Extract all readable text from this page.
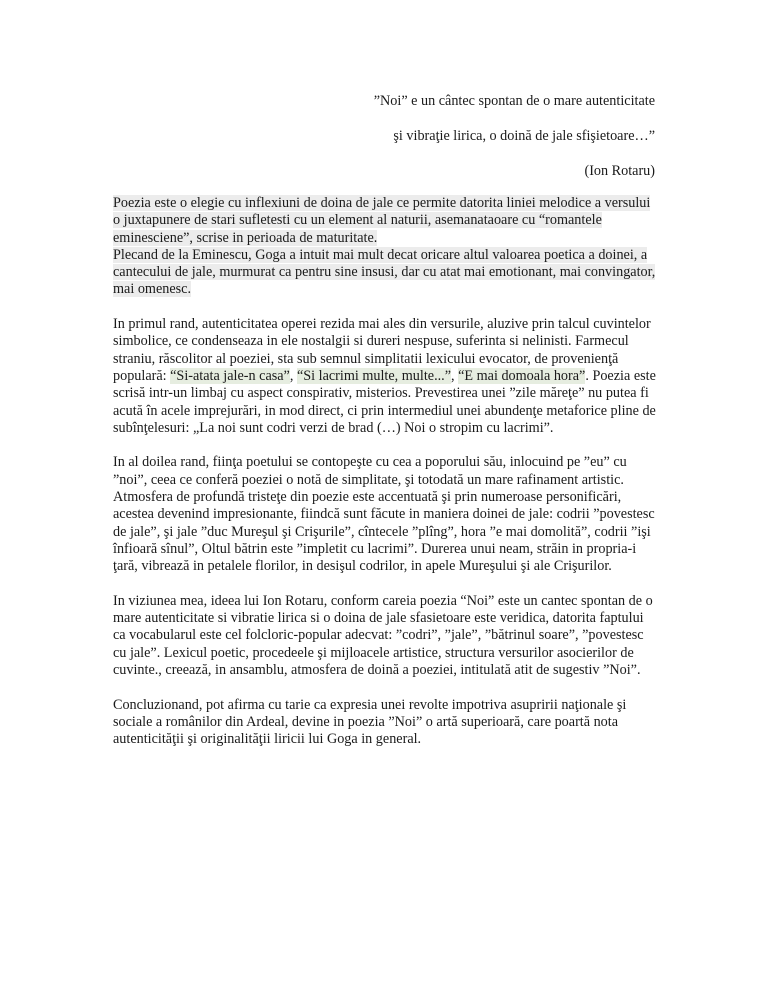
”Noi” e un cântec spontan de o mare autenticitate
şi vibraţie lirica, o doină de jale sfişietoare…”
(Ion Rotaru)

Poezia este o elegie cu inflexiuni de doina de jale ce permite datorita liniei melodice a versului o juxtapunere de stari sufletesti cu un element al naturii, asemanataoare cu “romantele eminesciene”, scrise in perioada de maturitate.

Plecand de la Eminescu, Goga a intuit mai mult decat oricare altul valoarea poetica a doinei, a cantecului de jale, murmurat ca pentru sine insusi, dar cu atat mai emotionant, mai convingator, mai omenesc.

In primul rand, autenticitatea operei rezida mai ales din versurile, aluzive prin talcul cuvintelor simbolice, ce condenseaza in ele nostalgii si dureri nespuse, suferinta si nelinisti. Farmecul straniu, răscolitor al poeziei, sta sub semnul simplitatii lexicului evocator, de provenienţă populară: “Si-atata jale-n casa”, “Si lacrimi multe, multe...”, “E mai domoala hora”. Poezia este scrisă intr-un limbaj cu aspect conspirativ, misterios. Prevestirea unei ”zile măreţe” nu putea fi acută în acele imprejurări, in mod direct, ci prin intermediul unei abundenţe metaforice pline de subînţelesuri: „La noi sunt codri verzi de brad (…) Noi o stropim cu lacrimi”.

In al doilea rand, fiinţa poetului se contopeşte cu cea a poporului său, inlocuind pe ”eu” cu ”noi”, ceea ce conferă poeziei o notă de simplitate, şi totodată un mare rafinament artistic. Atmosfera de profundă tristeţe din poezie este accentuată şi prin numeroase personificări, acestea devenind impresionante, fiindcă sunt făcute in maniera doinei de jale: codrii ”povestesc de jale”, şi jale ”duc Mureşul şi Crişurile”, cîntecele ”plîng”, hora ”e mai domolită”, codrii ”işi înfioară sînul”, Oltul bătrin este ”impletit cu lacrimi”. Durerea unui neam, străin in propria-i ţară, vibrează in petalele florilor, in desişul codrilor, in apele Mureşului şi ale Crişurilor.

In viziunea mea, ideea lui Ion Rotaru, conform careia poezia “Noi” este un cantec spontan de o mare autenticitate si vibratie lirica si o doina de jale sfasietoare este veridica, datorita faptului ca vocabularul este cel folcloric-popular adecvat: ”codri”, ”jale”, ”bătrinul soare”, ”povestesc cu jale”. Lexicul poetic, procedeele şi mijloacele artistice, structura versurilor asocierilor de cuvinte., creează, in ansamblu, atmosfera de doină a poeziei, intitulată atit de sugestiv ”Noi”.

Concluzionand, pot afirma cu tarie ca expresia unei revolte impotriva asupririi naţionale şi sociale a românilor din Ardeal, devine in poezia ”Noi” o artă superioară, care poartă nota autenticităţii şi originalităţii liricii lui Goga in general.
